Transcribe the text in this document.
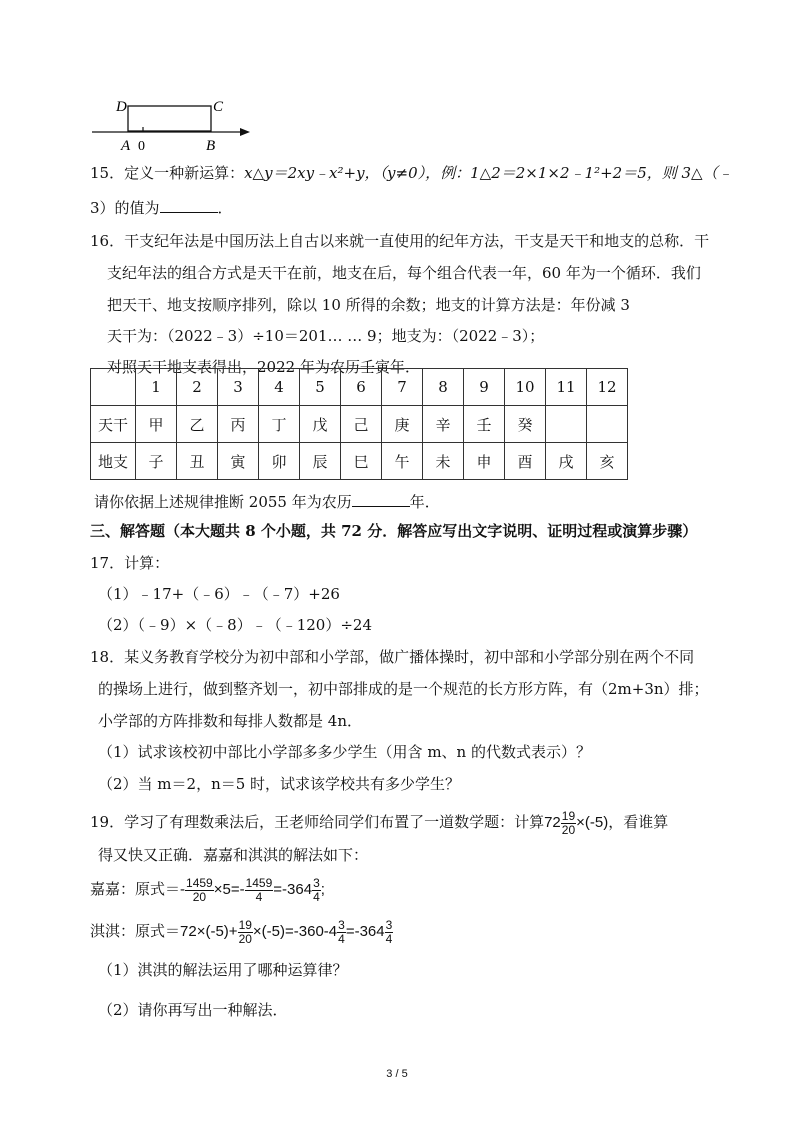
D	C
A 0	B
15．定义一种新运算：x△y＝2xy﹣x²+y，（y≠0），例：1△2＝2×1×2﹣1²+2＝5，则 3△（﹣
3）的值为	．
16．干支纪年法是中国历法上自古以来就一直使用的纪年方法，干支是天干和地支的总称．干
支纪年法的组合方式是天干在前，地支在后，每个组合代表一年，60 年为一个循环．我们
把天干、地支按顺序排列，除以 10 所得的余数；地支的计算方法是：年份减 3
天干为：（2022﹣3）÷10＝201… … 9；地支为：（2022﹣3）；
对照天干地支表得出，2022 年为农历壬寅年．
	1	2	3	4	5	6	7	8	9	10	11	12
天干	甲	乙	丙	丁	戊	己	庚	辛	壬	癸		
地支	子	丑	寅	卯	辰	巳	午	未	申	酉	戌	亥
请你依据上述规律推断 2055 年为农历	年．
三、解答题（本大题共 8 个小题，共 72 分．解答应写出文字说明、证明过程或演算步骤）
17．计算：
（1）﹣17+（﹣6）﹣（﹣7）+26
（2）（﹣9）×（﹣8）﹣（﹣120）÷24
18．某义务教育学校分为初中部和小学部，做广播体操时，初中部和小学部分别在两个不同
的操场上进行，做到整齐划一，初中部排成的是一个规范的长方形方阵，有（2m+3n）排；
小学部的方阵排数和每排人数都是 4n．
（1）试求该校初中部比小学部多多少学生（用含 m、n 的代数式表示）？
（2）当 m＝2，n＝5 时，试求该学校共有多少学生？
19．学习了有理数乘法后，王老师给同学们布置了一道数学题：计算$72 \frac{19}{20} \times(-5)$，看谁算
得又快又正确．嘉嘉和淇淇的解法如下：
嘉嘉：原式＝- $\frac{1459}{20} \times 5=- \frac{1459}{4} =-364 \frac{3}{4}$ ;
淇淇：原式$=72\times(-5)+ \frac{19}{20} \times(-5)=-360-4 \frac{3}{4} =-364 \frac{3}{4}$
（1）淇淇的解法运用了哪种运算律？
（2）请你再写出一种解法．
3 / 5
